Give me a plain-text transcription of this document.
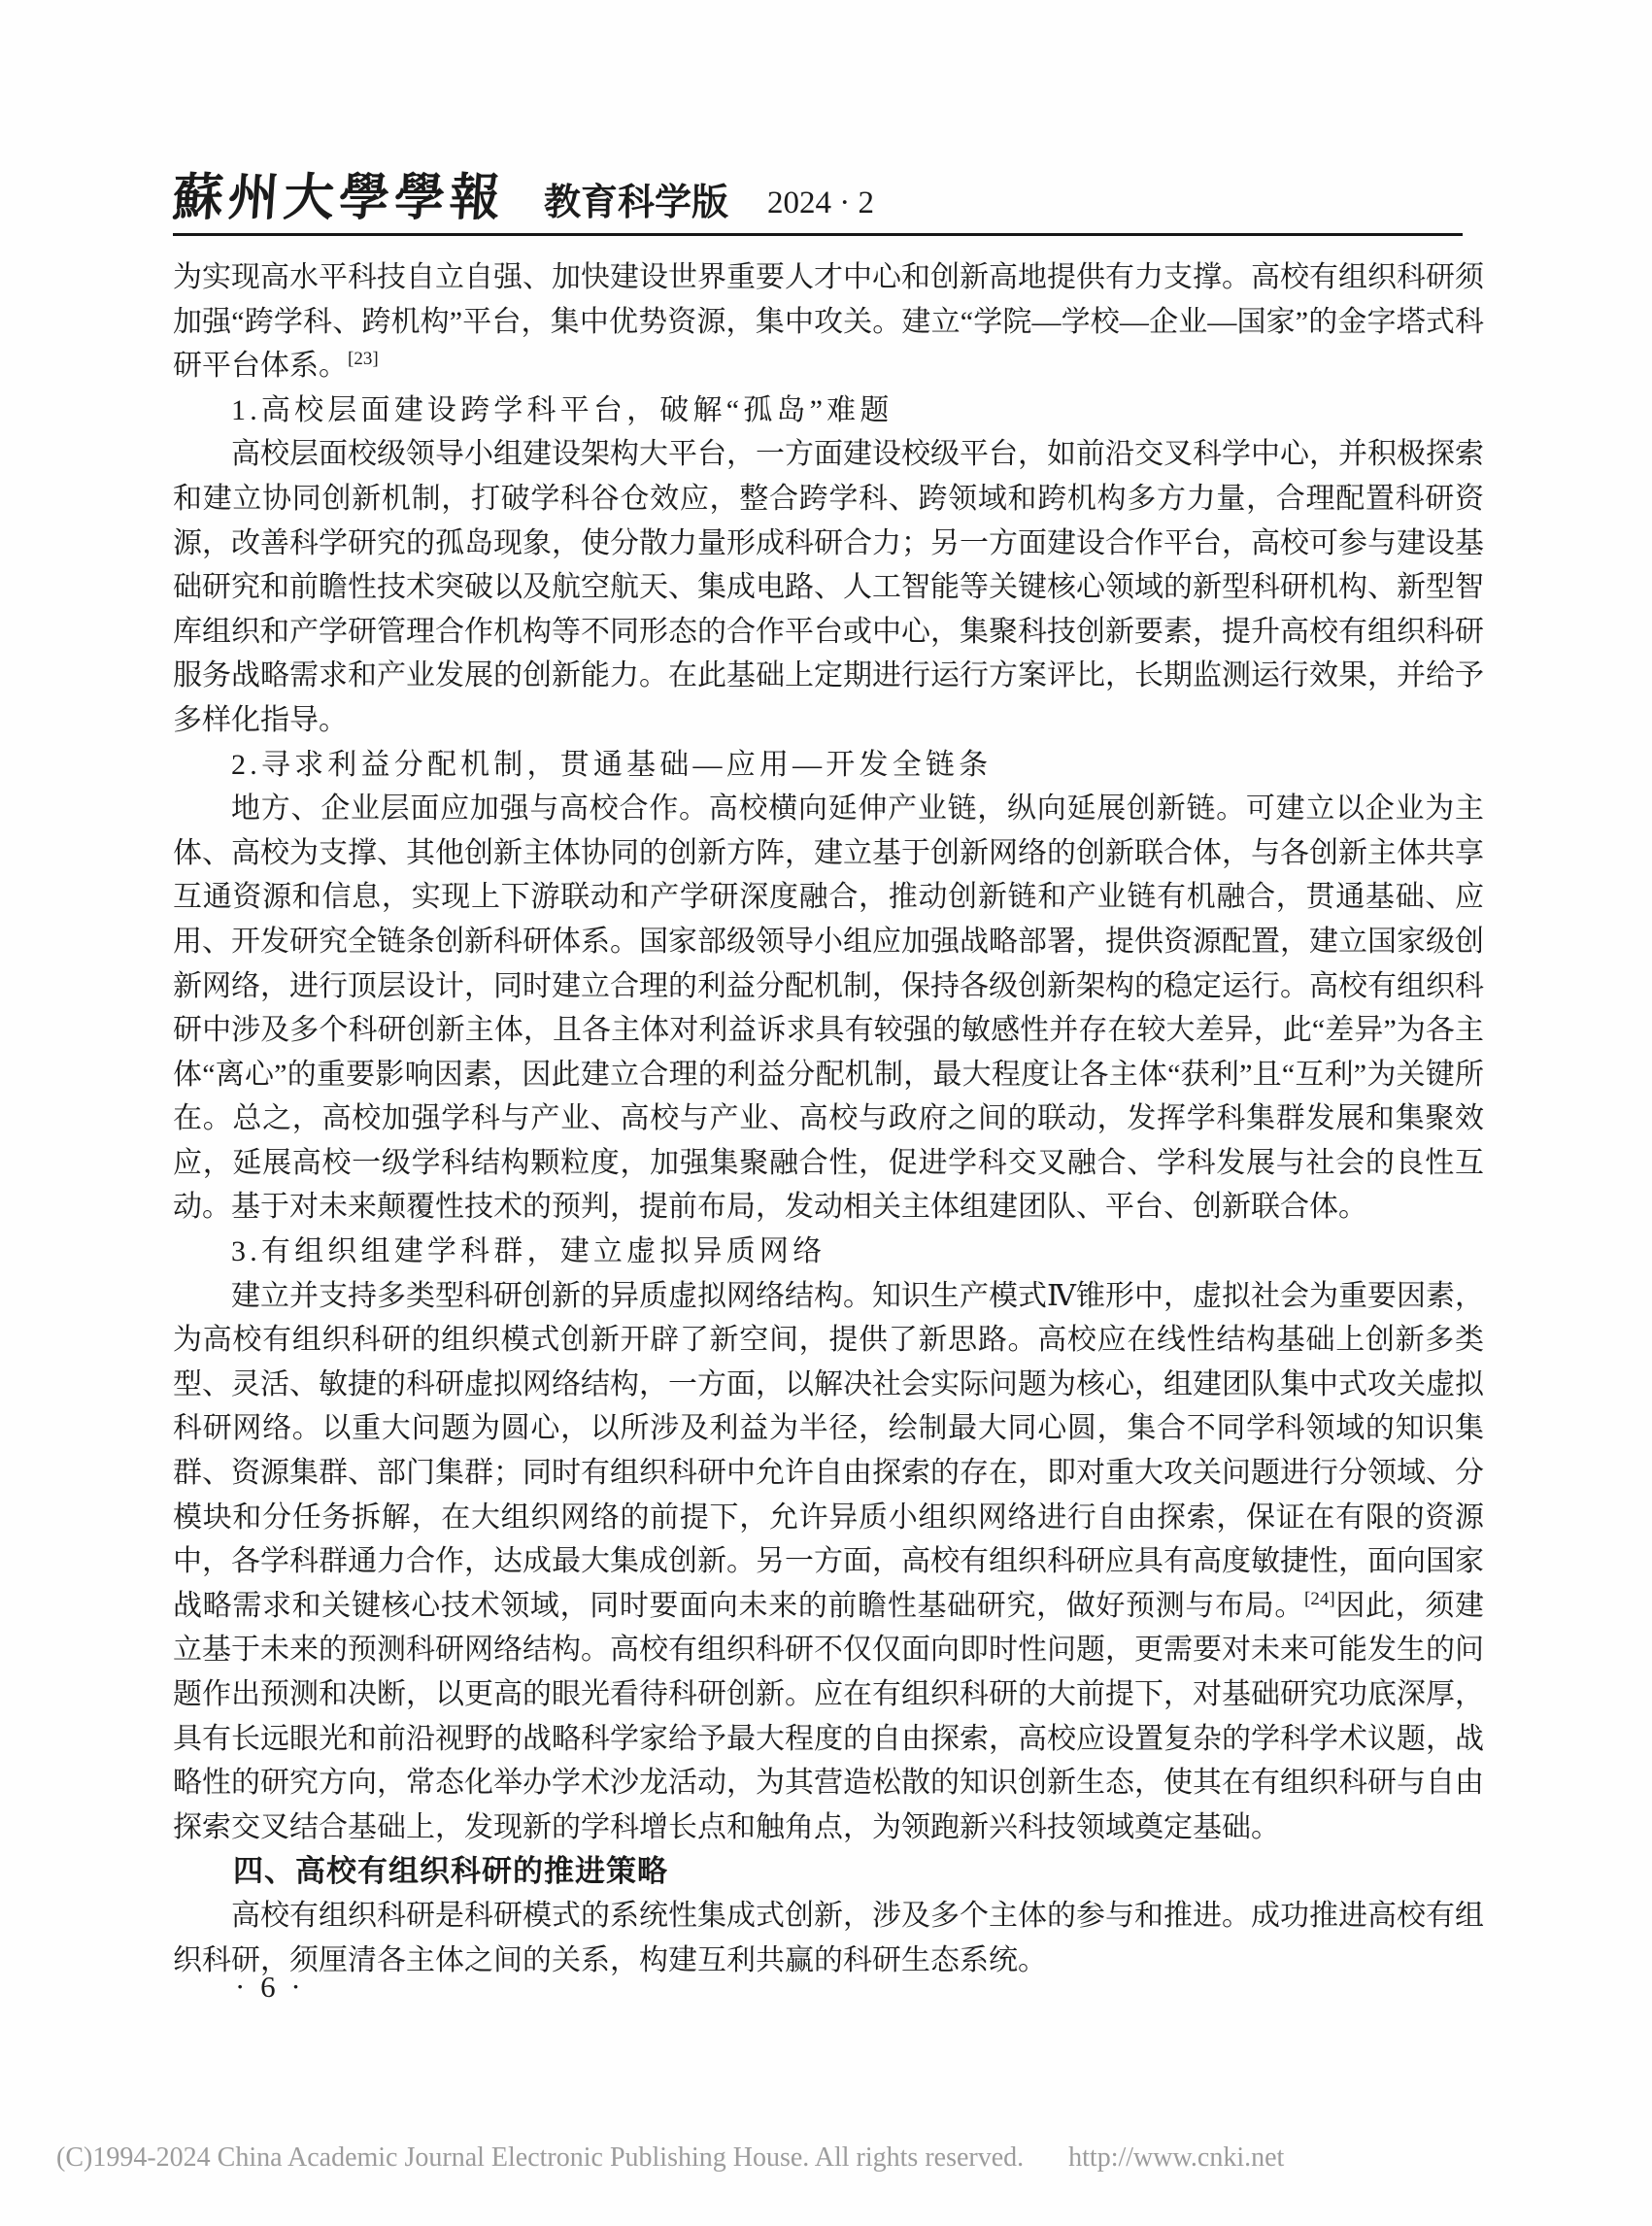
蘇州大學學報 教育科学版 2024 · 2

为实现高水平科技自立自强、加快建设世界重要人才中心和创新高地提供有力支撑。高校有组织科研须加强“跨学科、跨机构”平台，集中优势资源，集中攻关。建立“学院—学校—企业—国家”的金字塔式科研平台体系。[23]

1.高校层面建设跨学科平台，破解“孤岛”难题

高校层面校级领导小组建设架构大平台，一方面建设校级平台，如前沿交叉科学中心，并积极探索和建立协同创新机制，打破学科谷仓效应，整合跨学科、跨领域和跨机构多方力量，合理配置科研资源，改善科学研究的孤岛现象，使分散力量形成科研合力；另一方面建设合作平台，高校可参与建设基础研究和前瞻性技术突破以及航空航天、集成电路、人工智能等关键核心领域的新型科研机构、新型智库组织和产学研管理合作机构等不同形态的合作平台或中心，集聚科技创新要素，提升高校有组织科研服务战略需求和产业发展的创新能力。在此基础上定期进行运行方案评比，长期监测运行效果，并给予多样化指导。

2.寻求利益分配机制，贯通基础—应用—开发全链条

地方、企业层面应加强与高校合作。高校横向延伸产业链，纵向延展创新链。可建立以企业为主体、高校为支撑、其他创新主体协同的创新方阵，建立基于创新网络的创新联合体，与各创新主体共享互通资源和信息，实现上下游联动和产学研深度融合，推动创新链和产业链有机融合，贯通基础、应用、开发研究全链条创新科研体系。国家部级领导小组应加强战略部署，提供资源配置，建立国家级创新网络，进行顶层设计，同时建立合理的利益分配机制，保持各级创新架构的稳定运行。高校有组织科研中涉及多个科研创新主体，且各主体对利益诉求具有较强的敏感性并存在较大差异，此“差异”为各主体“离心”的重要影响因素，因此建立合理的利益分配机制，最大程度让各主体“获利”且“互利”为关键所在。总之，高校加强学科与产业、高校与产业、高校与政府之间的联动，发挥学科集群发展和集聚效应，延展高校一级学科结构颗粒度，加强集聚融合性，促进学科交叉融合、学科发展与社会的良性互动。基于对未来颠覆性技术的预判，提前布局，发动相关主体组建团队、平台、创新联合体。

3.有组织组建学科群，建立虚拟异质网络

建立并支持多类型科研创新的异质虚拟网络结构。知识生产模式Ⅳ锥形中，虚拟社会为重要因素，为高校有组织科研的组织模式创新开辟了新空间，提供了新思路。高校应在线性结构基础上创新多类型、灵活、敏捷的科研虚拟网络结构，一方面，以解决社会实际问题为核心，组建团队集中式攻关虚拟科研网络。以重大问题为圆心，以所涉及利益为半径，绘制最大同心圆，集合不同学科领域的知识集群、资源集群、部门集群；同时有组织科研中允许自由探索的存在，即对重大攻关问题进行分领域、分模块和分任务拆解，在大组织网络的前提下，允许异质小组织网络进行自由探索，保证在有限的资源中，各学科群通力合作，达成最大集成创新。另一方面，高校有组织科研应具有高度敏捷性，面向国家战略需求和关键核心技术领域，同时要面向未来的前瞻性基础研究，做好预测与布局。[24]因此，须建立基于未来的预测科研网络结构。高校有组织科研不仅仅面向即时性问题，更需要对未来可能发生的问题作出预测和决断，以更高的眼光看待科研创新。应在有组织科研的大前提下，对基础研究功底深厚，具有长远眼光和前沿视野的战略科学家给予最大程度的自由探索，高校应设置复杂的学科学术议题，战略性的研究方向，常态化举办学术沙龙活动，为其营造松散的知识创新生态，使其在有组织科研与自由探索交叉结合基础上，发现新的学科增长点和触角点，为领跑新兴科技领域奠定基础。

四、高校有组织科研的推进策略

高校有组织科研是科研模式的系统性集成式创新，涉及多个主体的参与和推进。成功推进高校有组织科研，须厘清各主体之间的关系，构建互利共赢的科研生态系统。

· 6 ·
(C)1994-2024 China Academic Journal Electronic Publishing House. All rights reserved. http://www.cnki.net
